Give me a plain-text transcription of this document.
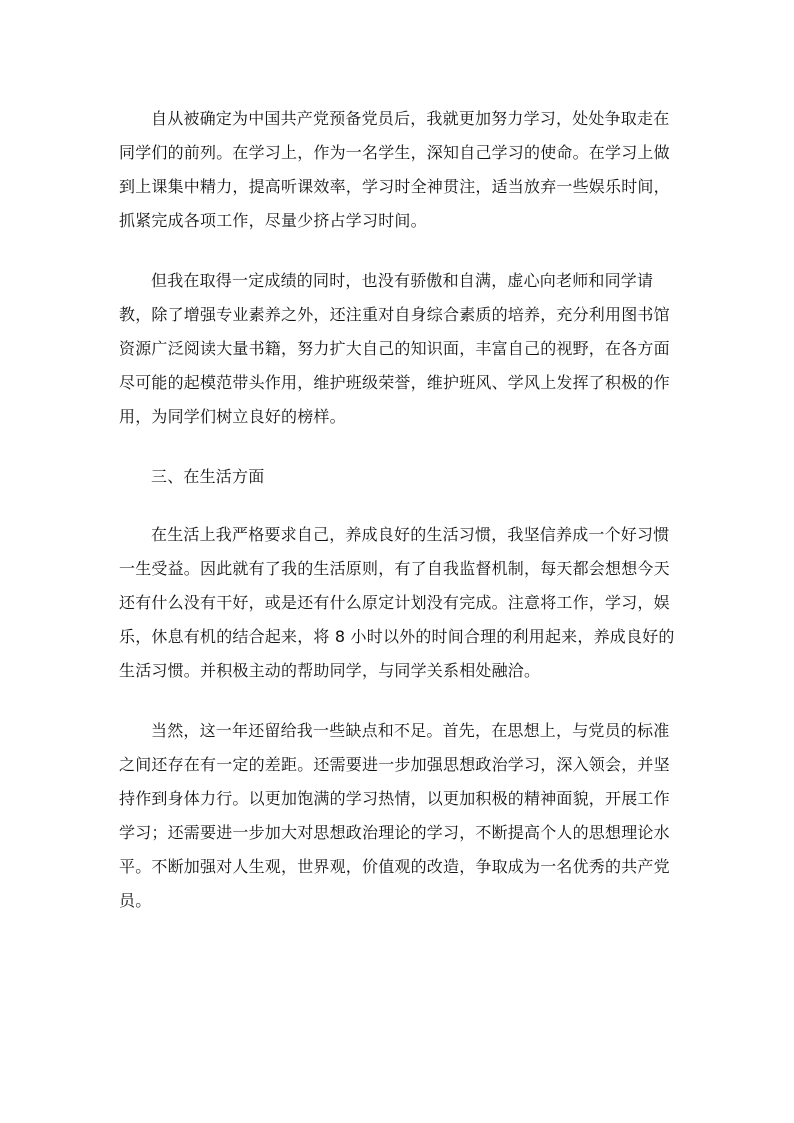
自从被确定为中国共产党预备党员后，我就更加努力学习，处处争取走在同学们的前列。在学习上，作为一名学生，深知自己学习的使命。在学习上做到上课集中精力，提高听课效率，学习时全神贯注，适当放弃一些娱乐时间，抓紧完成各项工作，尽量少挤占学习时间。

但我在取得一定成绩的同时，也没有骄傲和自满，虚心向老师和同学请教，除了增强专业素养之外，还注重对自身综合素质的培养，充分利用图书馆资源广泛阅读大量书籍，努力扩大自己的知识面，丰富自己的视野，在各方面尽可能的起模范带头作用，维护班级荣誉，维护班风、学风上发挥了积极的作用，为同学们树立良好的榜样。

三、在生活方面

在生活上我严格要求自己，养成良好的生活习惯，我坚信养成一个好习惯一生受益。因此就有了我的生活原则，有了自我监督机制，每天都会想想今天还有什么没有干好，或是还有什么原定计划没有完成。注意将工作，学习，娱乐，休息有机的结合起来，将 8 小时以外的时间合理的利用起来，养成良好的生活习惯。并积极主动的帮助同学，与同学关系相处融洽。

当然，这一年还留给我一些缺点和不足。首先，在思想上，与党员的标准之间还存在有一定的差距。还需要进一步加强思想政治学习，深入领会，并坚持作到身体力行。以更加饱满的学习热情，以更加积极的精神面貌，开展工作学习；还需要进一步加大对思想政治理论的学习，不断提高个人的思想理论水平。不断加强对人生观，世界观，价值观的改造，争取成为一名优秀的共产党员。
